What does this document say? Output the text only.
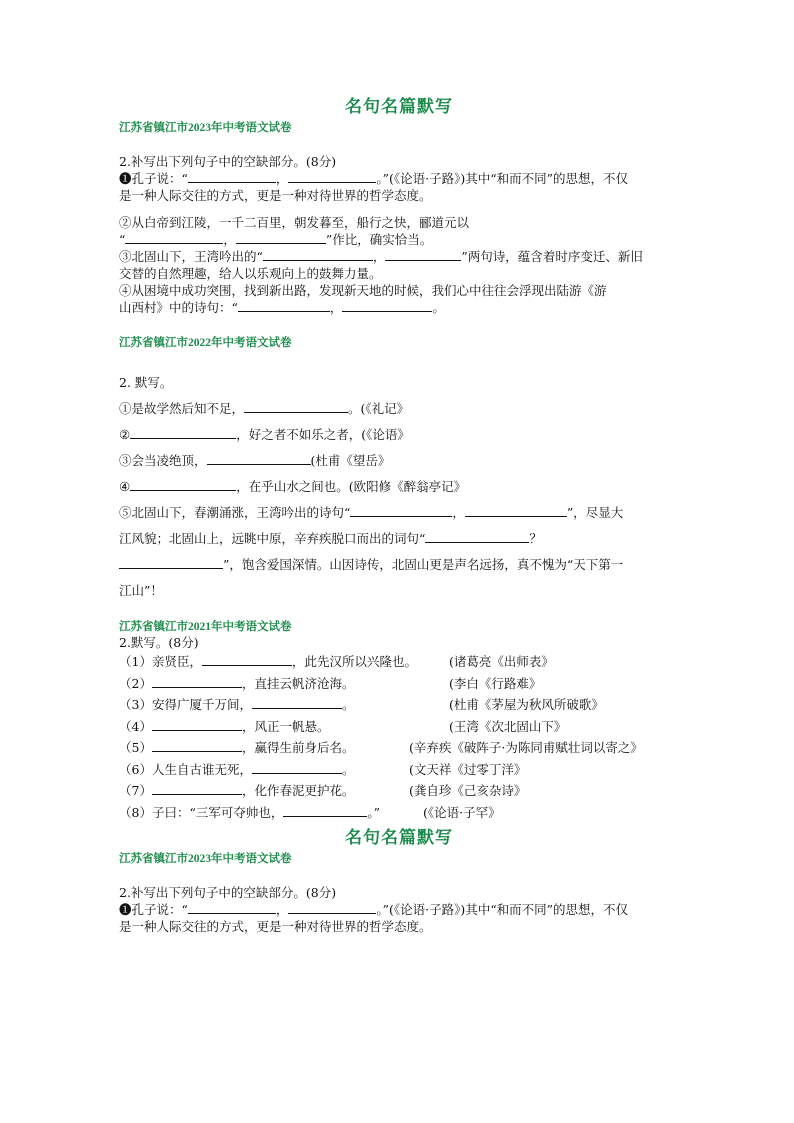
名句名篇默写
江苏省镇江市2023年中考语文试卷

2.补写出下列句子中的空缺部分。(8分)

➊孔子说：“	，	。”(《论语·子路》)其中“和而不同”的思想，不仅
是一种人际交往的方式，更是一种对待世界的哲学态度。

②从白帝到江陵，一千二百里，朝发暮至，船行之快，郦道元以
“	，	”作比，确实恰当。

③北固山下，王湾吟出的“	，	”两句诗，蕴含着时序变迁、新旧
交替的自然理趣，给人以乐观向上的鼓舞力量。

④从困境中成功突围，找到新出路，发现新天地的时候，我们心中往往会浮现出陆游《游
山西村》中的诗句：“	，	。

江苏省镇江市2022年中考语文试卷

2. 默写。

①是故学然后知不足，	。(《礼记》

②	，好之者不如乐之者，(《论语》

③会当凌绝顶，	(杜甫《望岳》

④	，在乎山水之间也。(欧阳修《醉翁亭记》

⑤北固山下，春潮涌涨，王湾吟出的诗句“	，	”，尽显大
江风貌；北固山上，远眺中原，辛弃疾脱口而出的词句“	？
”，饱含爱国深情。山因诗传，北固山更是声名远扬，真不愧为“天下第一
江山”！

江苏省镇江市2021年中考语文试卷

2.默写。(8分)

（1）亲贤臣，	，此先汉所以兴隆也。	(诸葛亮《出师表》
（2）	，直挂云帆济沧海。	(李白《行路难》
（3）安得广厦千万间，	。	(杜甫《茅屋为秋风所破歌》
（4）	，风正一帆悬。	(王湾《次北固山下》
（5）	，赢得生前身后名。	(辛弃疾《破阵子·为陈同甫赋壮词以寄之》
（6）人生自古谁无死，	。	(文天祥《过零丁洋》
（7）	，化作春泥更护花。	(龚自珍《己亥杂诗》
（8）子曰：“三军可夺帅也，	。”	(《论语·子罕》
名句名篇默写
江苏省镇江市2023年中考语文试卷

2.补写出下列句子中的空缺部分。(8分)

➊孔子说：“	，	。”(《论语·子路》)其中“和而不同”的思想，不仅
是一种人际交往的方式，更是一种对待世界的哲学态度。
